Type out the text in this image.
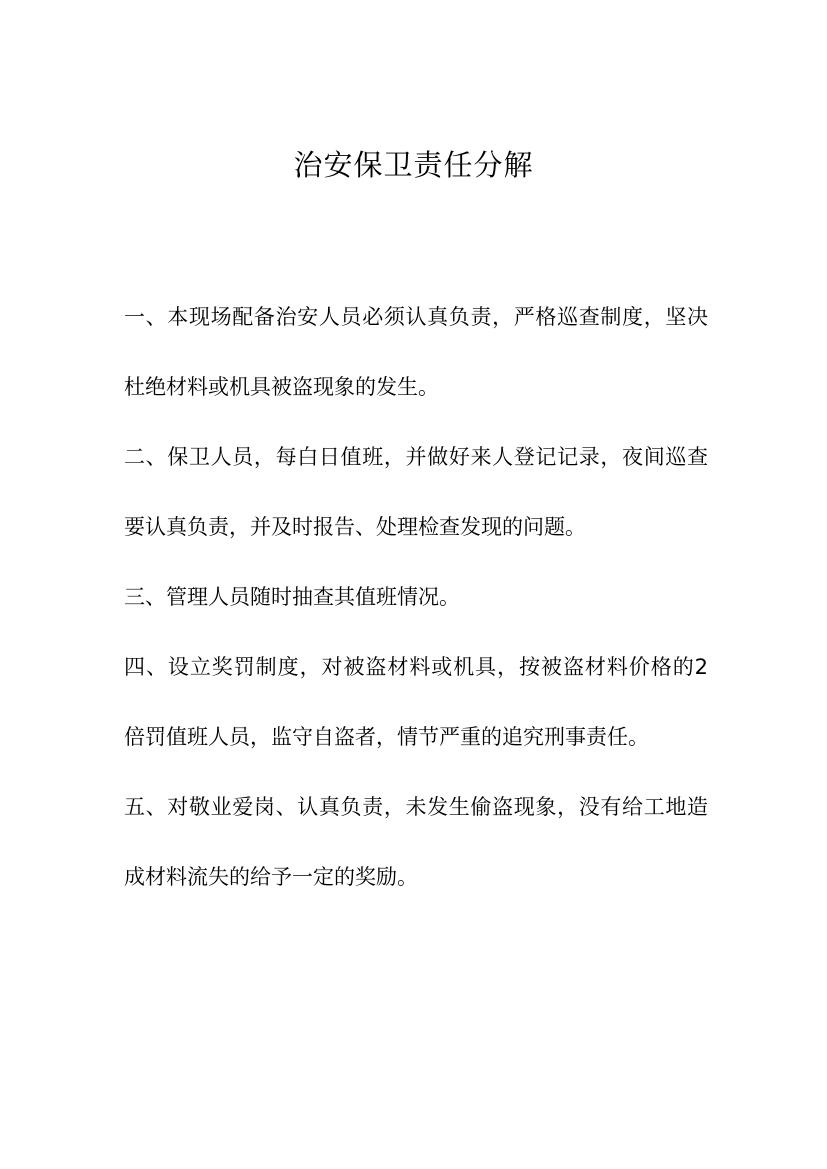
治安保卫责任分解

一、本现场配备治安人员必须认真负责，严格巡查制度，坚决杜绝材料或机具被盗现象的发生。

二、保卫人员，每白日值班，并做好来人登记记录，夜间巡查要认真负责，并及时报告、处理检查发现的问题。

三、管理人员随时抽查其值班情况。

四、设立奖罚制度，对被盗材料或机具，按被盗材料价格的2 倍罚值班人员，监守自盗者，情节严重的追究刑事责任。

五、对敬业爱岗、认真负责，未发生偷盗现象，没有给工地造成材料流失的给予一定的奖励。
